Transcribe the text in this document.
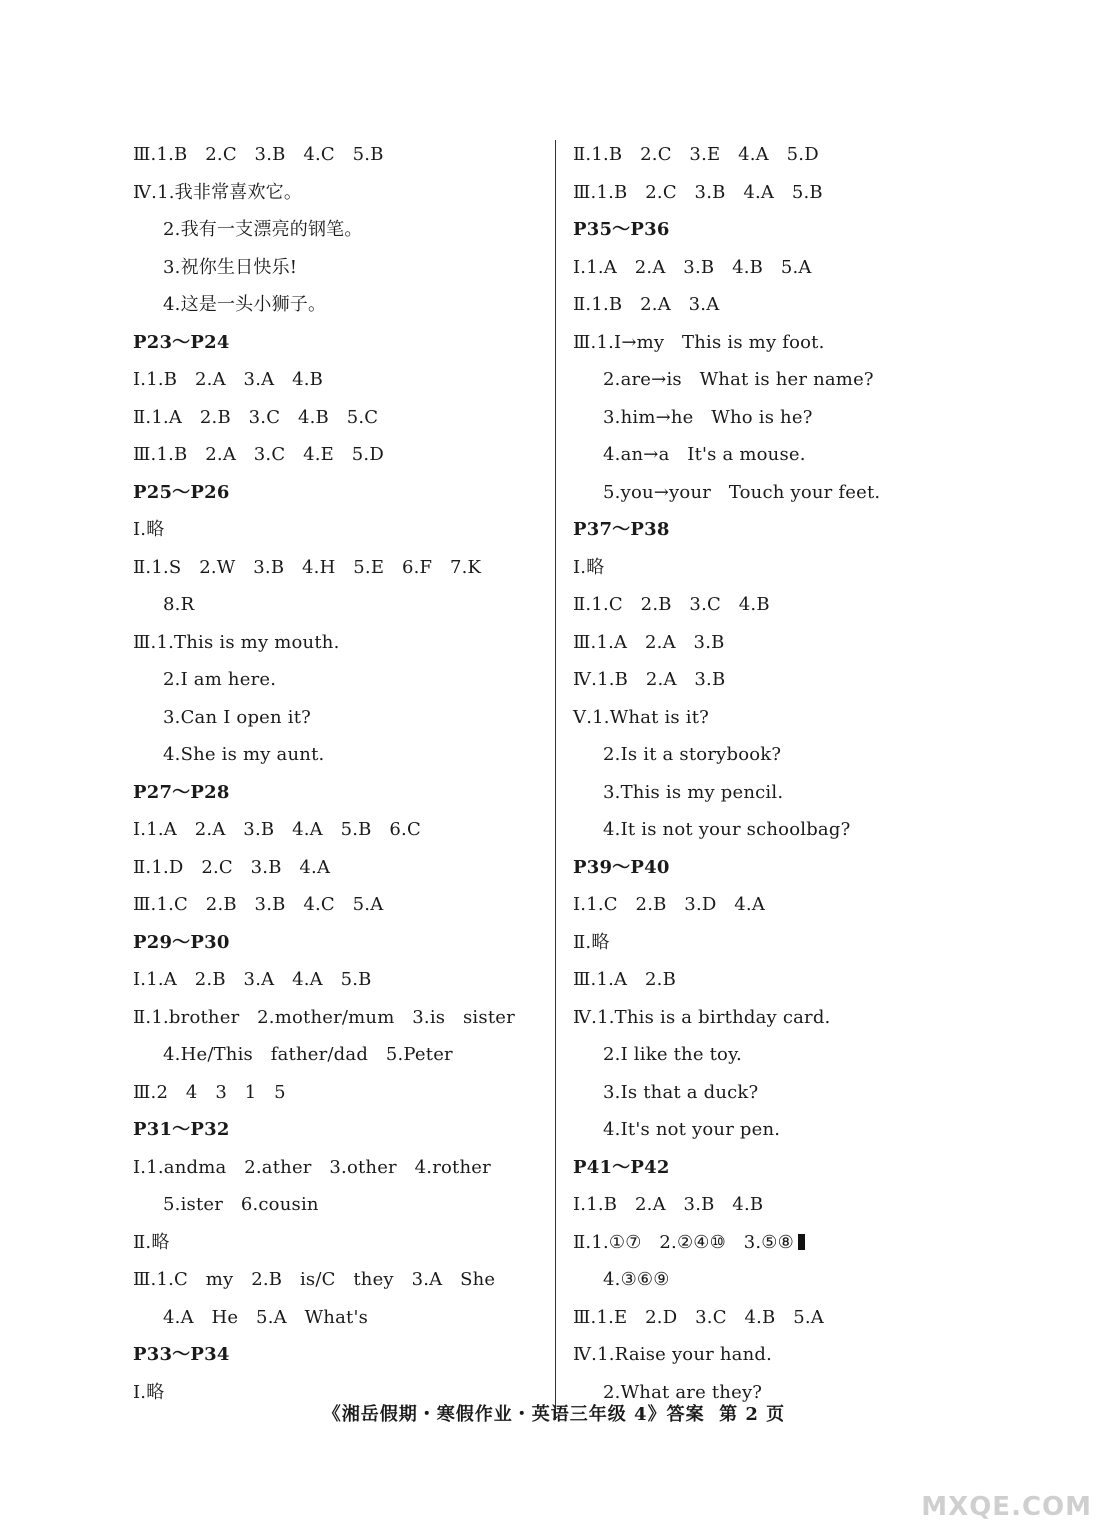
Ⅲ.1.B   2.C   3.B   4.C   5.B
Ⅳ.1.我非常喜欢它。
2.我有一支漂亮的钢笔。
3.祝你生日快乐!
4.这是一头小狮子。
P23～P24
Ⅰ.1.B   2.A   3.A   4.B
Ⅱ.1.A   2.B   3.C   4.B   5.C
Ⅲ.1.B   2.A   3.C   4.E   5.D
P25～P26
Ⅰ.略
Ⅱ.1.S   2.W   3.B   4.H   5.E   6.F   7.K
8.R
Ⅲ.1.This is my mouth.
2.I am here.
3.Can I open it?
4.She is my aunt.
P27～P28
Ⅰ.1.A   2.A   3.B   4.A   5.B   6.C
Ⅱ.1.D   2.C   3.B   4.A
Ⅲ.1.C   2.B   3.B   4.C   5.A
P29～P30
Ⅰ.1.A   2.B   3.A   4.A   5.B
Ⅱ.1.brother   2.mother/mum   3.is   sister
4.He/This   father/dad   5.Peter
Ⅲ.2   4   3   1   5
P31～P32
Ⅰ.1.andma   2.ather   3.other   4.rother
5.ister   6.cousin
Ⅱ.略
Ⅲ.1.C   my   2.B   is/C   they   3.A   She
4.A   He   5.A   What's
P33～P34
Ⅰ.略
Ⅱ.1.B   2.C   3.E   4.A   5.D
Ⅲ.1.B   2.C   3.B   4.A   5.B
P35～P36
Ⅰ.1.A   2.A   3.B   4.B   5.A
Ⅱ.1.B   2.A   3.A
Ⅲ.1.I→my   This is my foot.
2.are→is   What is her name?
3.him→he   Who is he?
4.an→a   It's a mouse.
5.you→your   Touch your feet.
P37～P38
Ⅰ.略
Ⅱ.1.C   2.B   3.C   4.B
Ⅲ.1.A   2.A   3.B
Ⅳ.1.B   2.A   3.B
Ⅴ.1.What is it?
2.Is it a storybook?
3.This is my pencil.
4.It is not your schoolbag?
P39～P40
Ⅰ.1.C   2.B   3.D   4.A
Ⅱ.略
Ⅲ.1.A   2.B
Ⅳ.1.This is a birthday card.
2.I like the toy.
3.Is that a duck?
4.It's not your pen.
P41～P42
Ⅰ.1.B   2.A   3.B   4.B
Ⅱ.1.①⑦   2.②④⑩   3.⑤⑧
4.③⑥⑨
Ⅲ.1.E   2.D   3.C   4.B   5.A
Ⅳ.1.Raise your hand.
2.What are they?
《湘岳假期・寒假作业・英语三年级 4》答案  第 2 页
MXQE.COM
